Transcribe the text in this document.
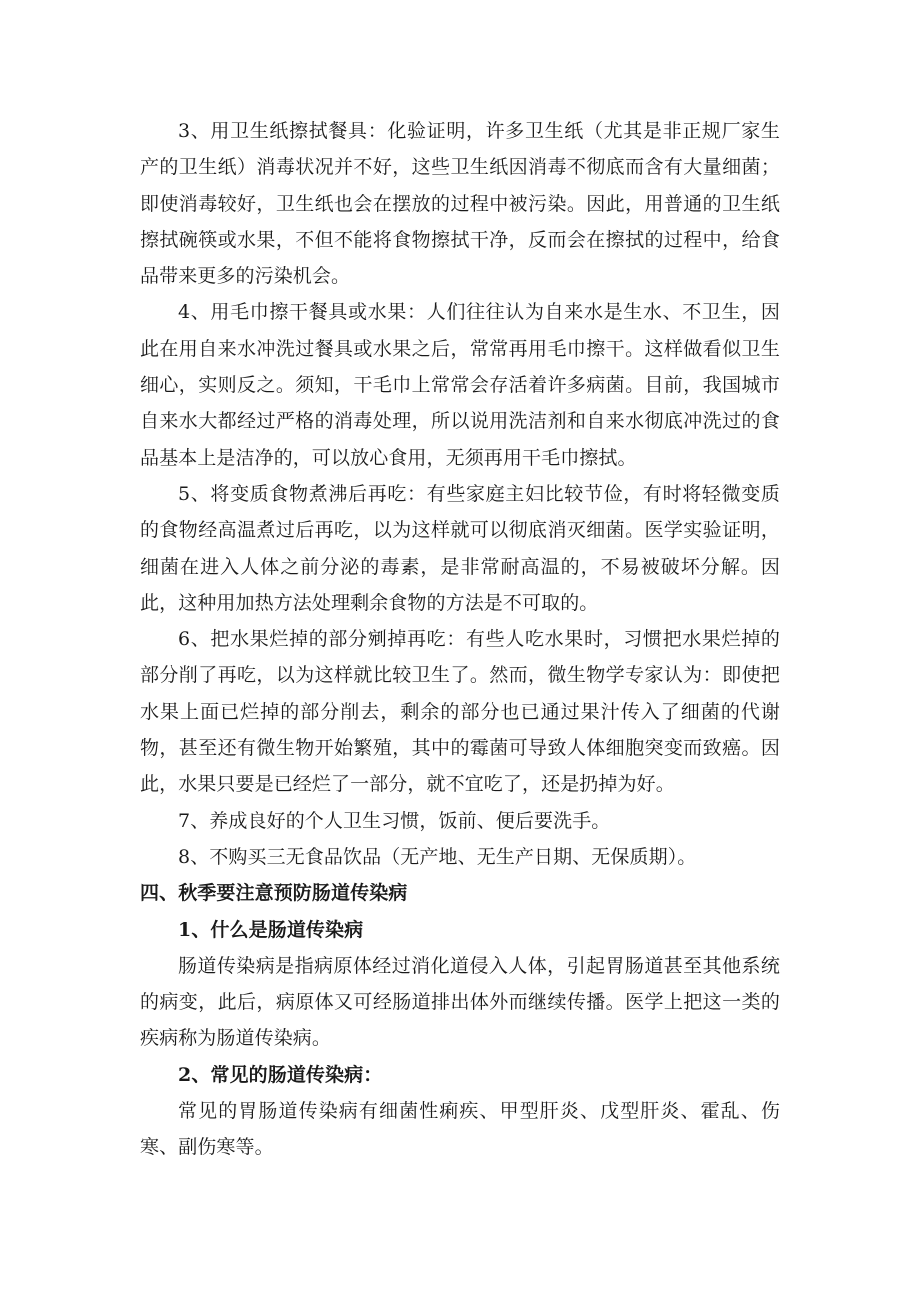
3、用卫生纸擦拭餐具：化验证明，许多卫生纸（尤其是非正规厂家生产的卫生纸）消毒状况并不好，这些卫生纸因消毒不彻底而含有大量细菌；即使消毒较好，卫生纸也会在摆放的过程中被污染。因此，用普通的卫生纸擦拭碗筷或水果，不但不能将食物擦拭干净，反而会在擦拭的过程中，给食品带来更多的污染机会。

4、用毛巾擦干餐具或水果：人们往往认为自来水是生水、不卫生，因此在用自来水冲洗过餐具或水果之后，常常再用毛巾擦干。这样做看似卫生细心，实则反之。须知，干毛巾上常常会存活着许多病菌。目前，我国城市自来水大都经过严格的消毒处理，所以说用洗洁剂和自来水彻底冲洗过的食品基本上是洁净的，可以放心食用，无须再用干毛巾擦拭。

5、将变质食物煮沸后再吃：有些家庭主妇比较节俭，有时将轻微变质的食物经高温煮过后再吃，以为这样就可以彻底消灭细菌。医学实验证明，细菌在进入人体之前分泌的毒素，是非常耐高温的，不易被破坏分解。因此，这种用加热方法处理剩余食物的方法是不可取的。

6、把水果烂掉的部分剜掉再吃：有些人吃水果时，习惯把水果烂掉的部分削了再吃，以为这样就比较卫生了。然而，微生物学专家认为：即使把水果上面已烂掉的部分削去，剩余的部分也已通过果汁传入了细菌的代谢物，甚至还有微生物开始繁殖，其中的霉菌可导致人体细胞突变而致癌。因此，水果只要是已经烂了一部分，就不宜吃了，还是扔掉为好。

7、养成良好的个人卫生习惯，饭前、便后要洗手。

8、不购买三无食品饮品（无产地、无生产日期、无保质期）。

四、秋季要注意预防肠道传染病

1、什么是肠道传染病

肠道传染病是指病原体经过消化道侵入人体，引起胃肠道甚至其他系统的病变，此后，病原体又可经肠道排出体外而继续传播。医学上把这一类的疾病称为肠道传染病。

2、常见的肠道传染病：

常见的胃肠道传染病有细菌性痢疾、甲型肝炎、戊型肝炎、霍乱、伤寒、副伤寒等。
